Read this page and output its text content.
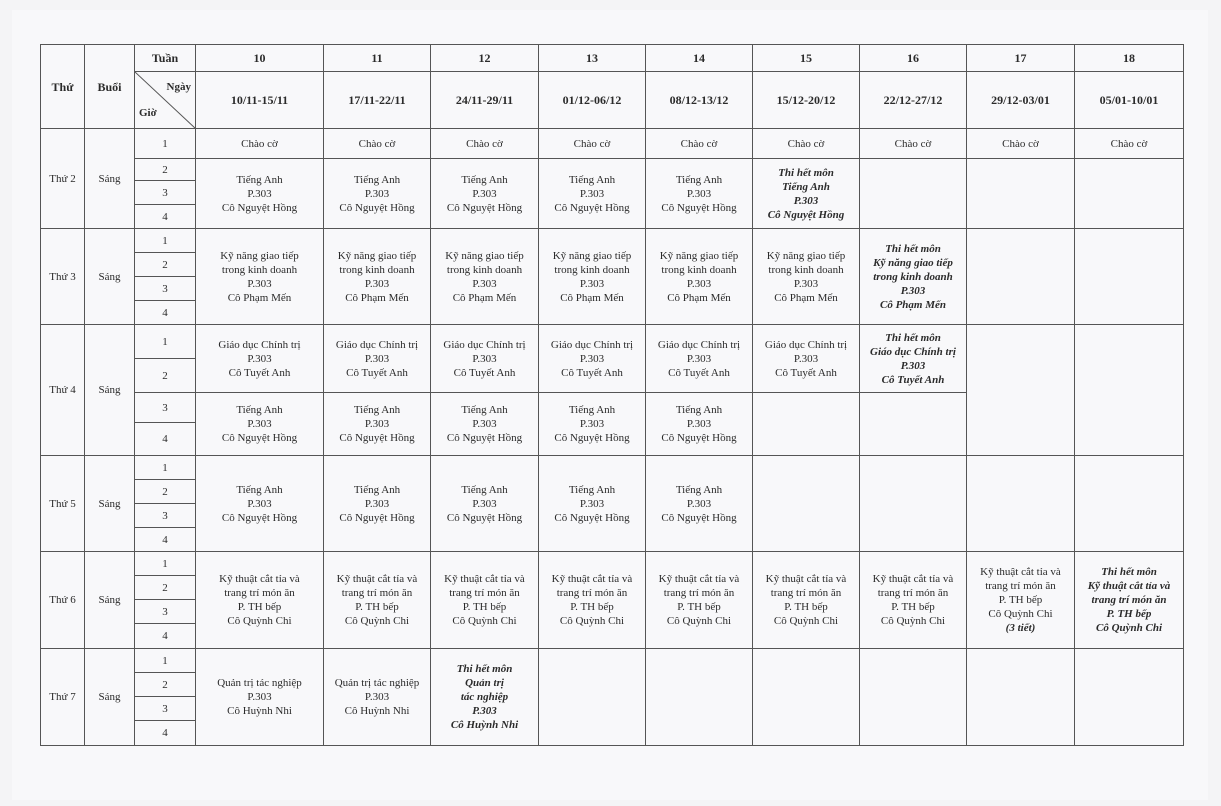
Thứ	Buổi	Tuần	10	11	12	13	14	15	16	17	18

		Ngày
Giờ	10/11-15/11	17/11-22/11	24/11-29/11	01/12-06/12	08/12-13/12	15/12-20/12	22/12-27/12	29/12-03/01	05/01-10/01
Thứ 2	Sáng	1	Chào cờ	Chào cờ	Chào cờ	Chào cờ	Chào cờ	Chào cờ	Chào cờ	Chào cờ	Chào cờ
		2	Tiếng Anh
P.303
Cô Nguyệt Hồng	Tiếng Anh
P.303
Cô Nguyệt Hồng	Tiếng Anh
P.303
Cô Nguyệt Hồng	Tiếng Anh
P.303
Cô Nguyệt Hồng	Tiếng Anh
P.303
Cô Nguyệt Hồng	Thi hết môn
Tiếng Anh
P.303
Cô Nguyệt Hồng			

		3									
		4									
Thứ 3	Sáng	1	Kỹ năng giao tiếp
trong kinh doanh
P.303
Cô Phạm Mến	Kỹ năng giao tiếp
trong kinh doanh
P.303
Cô Phạm Mến	Kỹ năng giao tiếp
trong kinh doanh
P.303
Cô Phạm Mến	Kỹ năng giao tiếp
trong kinh doanh
P.303
Cô Phạm Mến	Kỹ năng giao tiếp
trong kinh doanh
P.303
Cô Phạm Mến	Kỹ năng giao tiếp
trong kinh doanh
P.303
Cô Phạm Mến	Thi hết môn
Kỹ năng giao tiếp
trong kinh doanh
P.303
Cô Phạm Mến		

		2									
		3									
		4									
Thứ 4	Sáng	1	Giáo dục Chính trị
P.303
Cô Tuyết Anh	Giáo dục Chính trị
P.303
Cô Tuyết Anh	Giáo dục Chính trị
P.303
Cô Tuyết Anh	Giáo dục Chính trị
P.303
Cô Tuyết Anh	Giáo dục Chính trị
P.303
Cô Tuyết Anh	Giáo dục Chính trị
P.303
Cô Tuyết Anh	Thi hết môn
Giáo dục Chính trị
P.303
Cô Tuyết Anh		

		2									
		3	Tiếng Anh
P.303
Cô Nguyệt Hồng	Tiếng Anh
P.303
Cô Nguyệt Hồng	Tiếng Anh
P.303
Cô Nguyệt Hồng	Tiếng Anh
P.303
Cô Nguyệt Hồng	Tiếng Anh
P.303
Cô Nguyệt Hồng				

		4									
Thứ 5	Sáng	1	Tiếng Anh
P.303
Cô Nguyệt Hồng	Tiếng Anh
P.303
Cô Nguyệt Hồng	Tiếng Anh
P.303
Cô Nguyệt Hồng	Tiếng Anh
P.303
Cô Nguyệt Hồng	Tiếng Anh
P.303
Cô Nguyệt Hồng				

		2									
		3									
		4									
Thứ 6	Sáng	1	Kỹ thuật cắt tỉa và
trang trí món ăn
P. TH bếp
Cô Quỳnh Chi	Kỹ thuật cắt tỉa và
trang trí món ăn
P. TH bếp
Cô Quỳnh Chi	Kỹ thuật cắt tỉa và
trang trí món ăn
P. TH bếp
Cô Quỳnh Chi	Kỹ thuật cắt tỉa và
trang trí món ăn
P. TH bếp
Cô Quỳnh Chi	Kỹ thuật cắt tỉa và
trang trí món ăn
P. TH bếp
Cô Quỳnh Chi	Kỹ thuật cắt tỉa và
trang trí món ăn
P. TH bếp
Cô Quỳnh Chi	Kỹ thuật cắt tỉa và
trang trí món ăn
P. TH bếp
Cô Quỳnh Chi	Kỹ thuật cắt tỉa và
trang trí món ăn
P. TH bếp
Cô Quỳnh Chi
(3 tiết)	Thi hết môn
Kỹ thuật cắt tỉa và
trang trí món ăn
P. TH bếp
Cô Quỳnh Chi

		2									
		3									
		4									
Thứ 7	Sáng	1	Quản trị tác nghiệp
P.303
Cô Huỳnh Nhi	Quản trị tác nghiệp
P.303
Cô Huỳnh Nhi	Thi hết môn
Quản trị
tác nghiệp
P.303
Cô Huỳnh Nhi						

		2									
		3									
		4									
